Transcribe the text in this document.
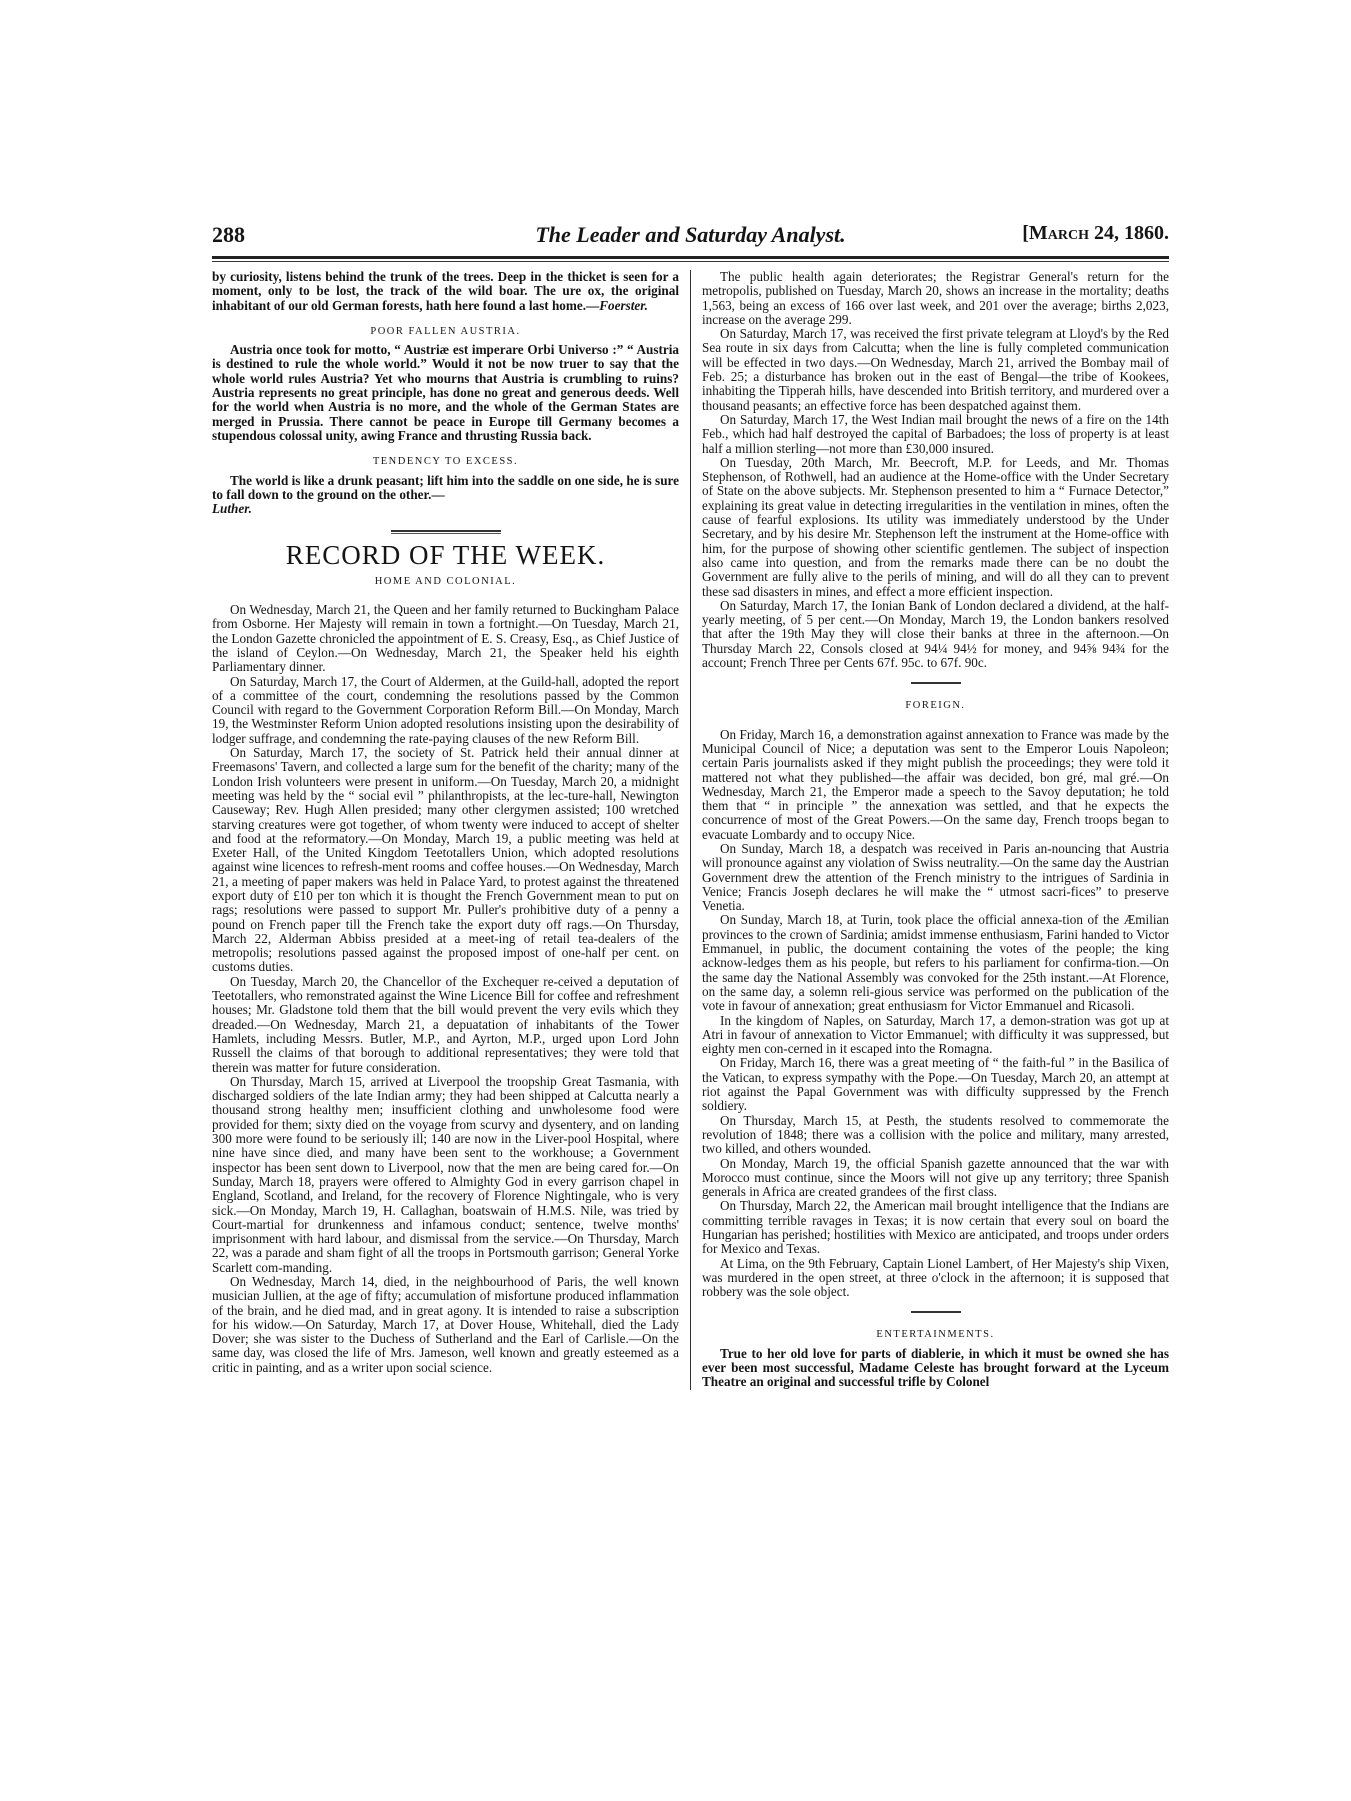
288	The Leader and Saturday Analyst.	[March 24, 1860.

by curiosity, listens behind the trunk of the trees. Deep in the thicket is seen for a moment, only to be lost, the track of the wild boar. The ure ox, the original inhabitant of our old German forests, hath here found a last home.—Foerster.

POOR FALLEN AUSTRIA.

Austria once took for motto, “ Austriæ est imperare Orbi Universo :” “ Austria is destined to rule the whole world.” Would it not be now truer to say that the whole world rules Austria? Yet who mourns that Austria is crumbling to ruins? Austria represents no great principle, has done no great and generous deeds. Well for the world when Austria is no more, and the whole of the German States are merged in Prussia. There cannot be peace in Europe till Germany becomes a stupendous colossal unity, awing France and thrusting Russia back.

TENDENCY TO EXCESS.

The world is like a drunk peasant; lift him into the saddle on one side, he is sure to fall down to the ground on the other.—
Luther.

RECORD OF THE WEEK.
HOME AND COLONIAL.

On Wednesday, March 21, the Queen and her family returned to Buckingham Palace from Osborne. Her Majesty will remain in town a fortnight.—On Tuesday, March 21, the London Gazette chronicled the appointment of E. S. Creasy, Esq., as Chief Justice of the island of Ceylon.—On Wednesday, March 21, the Speaker held his eighth Parliamentary dinner.

On Saturday, March 17, the Court of Aldermen, at the Guild-hall, adopted the report of a committee of the court, condemning the resolutions passed by the Common Council with regard to the Government Corporation Reform Bill.—On Monday, March 19, the Westminster Reform Union adopted resolutions insisting upon the desirability of lodger suffrage, and condemning the rate-paying clauses of the new Reform Bill.

On Saturday, March 17, the society of St. Patrick held their annual dinner at Freemasons' Tavern, and collected a large sum for the benefit of the charity; many of the London Irish volunteers were present in uniform.—On Tuesday, March 20, a midnight meeting was held by the “ social evil ” philanthropists, at the lec-ture-hall, Newington Causeway; Rev. Hugh Allen presided; many other clergymen assisted; 100 wretched starving creatures were got together, of whom twenty were induced to accept of shelter and food at the reformatory.—On Monday, March 19, a public meeting was held at Exeter Hall, of the United Kingdom Teetotallers Union, which adopted resolutions against wine licences to refresh-ment rooms and coffee houses.—On Wednesday, March 21, a meeting of paper makers was held in Palace Yard, to protest against the threatened export duty of £10 per ton which it is thought the French Government mean to put on rags; resolutions were passed to support Mr. Puller's prohibitive duty of a penny a pound on French paper till the French take the export duty off rags.—On Thursday, March 22, Alderman Abbiss presided at a meet-ing of retail tea-dealers of the metropolis; resolutions passed against the proposed impost of one-half per cent. on customs duties.

On Tuesday, March 20, the Chancellor of the Exchequer re-ceived a deputation of Teetotallers, who remonstrated against the Wine Licence Bill for coffee and refreshment houses; Mr. Gladstone told them that the bill would prevent the very evils which they dreaded.—On Wednesday, March 21, a depuatation of inhabitants of the Tower Hamlets, including Messrs. Butler, M.P., and Ayrton, M.P., urged upon Lord John Russell the claims of that borough to additional representatives; they were told that therein was matter for future consideration.

On Thursday, March 15, arrived at Liverpool the troopship Great Tasmania, with discharged soldiers of the late Indian army; they had been shipped at Calcutta nearly a thousand strong healthy men; insufficient clothing and unwholesome food were provided for them; sixty died on the voyage from scurvy and dysentery, and on landing 300 more were found to be seriously ill; 140 are now in the Liver-pool Hospital, where nine have since died, and many have been sent to the workhouse; a Government inspector has been sent down to Liverpool, now that the men are being cared for.—On Sunday, March 18, prayers were offered to Almighty God in every garrison chapel in England, Scotland, and Ireland, for the recovery of Florence Nightingale, who is very sick.—On Monday, March 19, H. Callaghan, boatswain of H.M.S. Nile, was tried by Court-martial for drunkenness and infamous conduct; sentence, twelve months' imprisonment with hard labour, and dismissal from the service.—On Thursday, March 22, was a parade and sham fight of all the troops in Portsmouth garrison; General Yorke Scarlett com-manding.

On Wednesday, March 14, died, in the neighbourhood of Paris, the well known musician Jullien, at the age of fifty; accumulation of misfortune produced inflammation of the brain, and he died mad, and in great agony. It is intended to raise a subscription for his widow.—On Saturday, March 17, at Dover House, Whitehall, died the Lady Dover; she was sister to the Duchess of Sutherland and the Earl of Carlisle.—On the same day, was closed the life of Mrs. Jameson, well known and greatly esteemed as a critic in painting, and as a writer upon social science.

The public health again deteriorates; the Registrar General's return for the metropolis, published on Tuesday, March 20, shows an increase in the mortality; deaths 1,563, being an excess of 166 over last week, and 201 over the average; births 2,023, increase on the average 299.

On Saturday, March 17, was received the first private telegram at Lloyd's by the Red Sea route in six days from Calcutta; when the line is fully completed communication will be effected in two days.—On Wednesday, March 21, arrived the Bombay mail of Feb. 25; a disturbance has broken out in the east of Bengal—the tribe of Kookees, inhabiting the Tipperah hills, have descended into British territory, and murdered over a thousand peasants; an effective force has been despatched against them.

On Saturday, March 17, the West Indian mail brought the news of a fire on the 14th Feb., which had half destroyed the capital of Barbadoes; the loss of property is at least half a million sterling—not more than £30,000 insured.

On Tuesday, 20th March, Mr. Beecroft, M.P. for Leeds, and Mr. Thomas Stephenson, of Rothwell, had an audience at the Home-office with the Under Secretary of State on the above subjects. Mr. Stephenson presented to him a “ Furnace Detector,” explaining its great value in detecting irregularities in the ventilation in mines, often the cause of fearful explosions. Its utility was immediately understood by the Under Secretary, and by his desire Mr. Stephenson left the instrument at the Home-office with him, for the purpose of showing other scientific gentlemen. The subject of inspection also came into question, and from the remarks made there can be no doubt the Government are fully alive to the perils of mining, and will do all they can to prevent these sad disasters in mines, and effect a more efficient inspection.

On Saturday, March 17, the Ionian Bank of London declared a dividend, at the half-yearly meeting, of 5 per cent.—On Monday, March 19, the London bankers resolved that after the 19th May they will close their banks at three in the afternoon.—On Thursday March 22, Consols closed at 94¼ 94½ for money, and 94⅝ 94¾ for the account; French Three per Cents 67f. 95c. to 67f. 90c.

FOREIGN.

On Friday, March 16, a demonstration against annexation to France was made by the Municipal Council of Nice; a deputation was sent to the Emperor Louis Napoleon; certain Paris journalists asked if they might publish the proceedings; they were told it mattered not what they published—the affair was decided, bon gré, mal gré.—On Wednesday, March 21, the Emperor made a speech to the Savoy deputation; he told them that “ in principle ” the annexation was settled, and that he expects the concurrence of most of the Great Powers.—On the same day, French troops began to evacuate Lombardy and to occupy Nice.

On Sunday, March 18, a despatch was received in Paris an-nouncing that Austria will pronounce against any violation of Swiss neutrality.—On the same day the Austrian Government drew the attention of the French ministry to the intrigues of Sardinia in Venice; Francis Joseph declares he will make the “ utmost sacri-fices” to preserve Venetia.

On Sunday, March 18, at Turin, took place the official annexa-tion of the Æmilian provinces to the crown of Sardinia; amidst immense enthusiasm, Farini handed to Victor Emmanuel, in public, the document containing the votes of the people; the king acknow-ledges them as his people, but refers to his parliament for confirma-tion.—On the same day the National Assembly was convoked for the 25th instant.—At Florence, on the same day, a solemn reli-gious service was performed on the publication of the vote in favour of annexation; great enthusiasm for Victor Emmanuel and Ricasoli.

In the kingdom of Naples, on Saturday, March 17, a demon-stration was got up at Atri in favour of annexation to Victor Emmanuel; with difficulty it was suppressed, but eighty men con-cerned in it escaped into the Romagna.

On Friday, March 16, there was a great meeting of “ the faith-ful ” in the Basilica of the Vatican, to express sympathy with the Pope.—On Tuesday, March 20, an attempt at riot against the Papal Government was with difficulty suppressed by the French soldiery.

On Thursday, March 15, at Pesth, the students resolved to commemorate the revolution of 1848; there was a collision with the police and military, many arrested, two killed, and others wounded.

On Monday, March 19, the official Spanish gazette announced that the war with Morocco must continue, since the Moors will not give up any territory; three Spanish generals in Africa are created grandees of the first class.

On Thursday, March 22, the American mail brought intelligence that the Indians are committing terrible ravages in Texas; it is now certain that every soul on board the Hungarian has perished; hostilities with Mexico are anticipated, and troops under orders for Mexico and Texas.

At Lima, on the 9th February, Captain Lionel Lambert, of Her Majesty's ship Vixen, was murdered in the open street, at three o'clock in the afternoon; it is supposed that robbery was the sole object.

ENTERTAINMENTS.

True to her old love for parts of diablerie, in which it must be owned she has ever been most successful, Madame Celeste has brought forward at the Lyceum Theatre an original and successful trifle by Colonel
